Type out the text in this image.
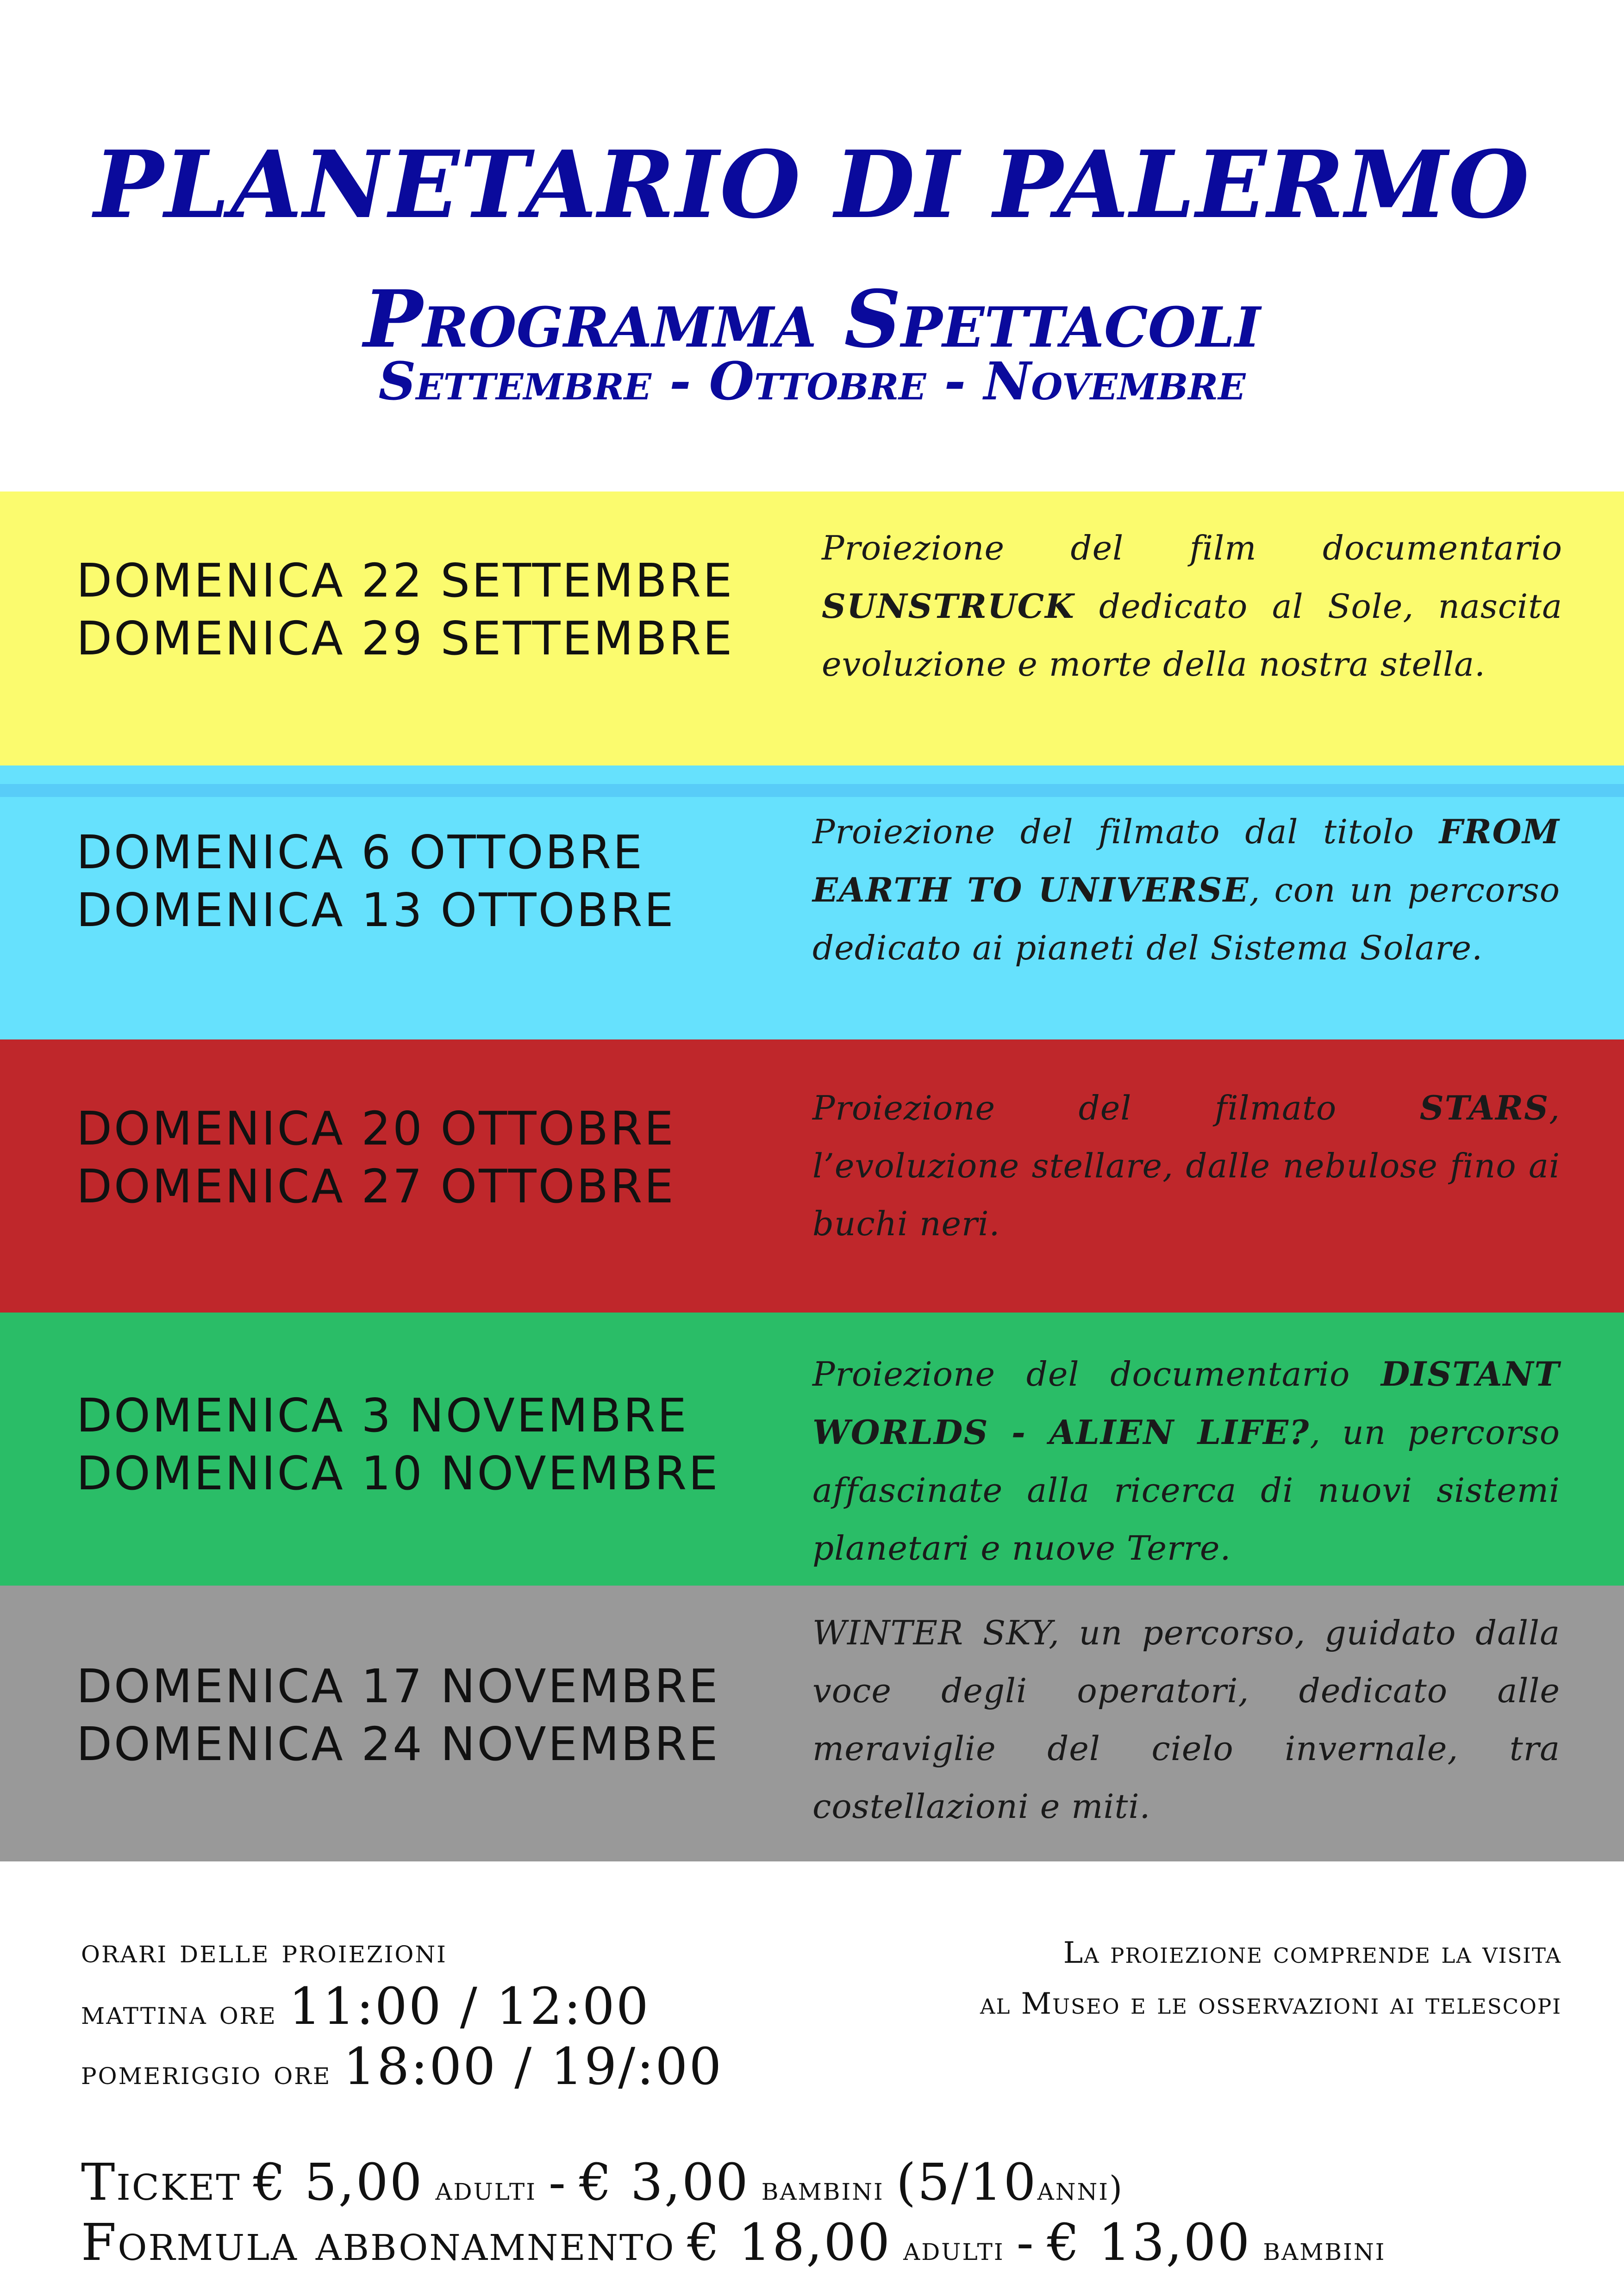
PLANETARIO DI PALERMO
Programma Spettacoli
Settembre - Ottobre - Novembre
DOMENICA 22 SETTEMBRE
DOMENICA 29 SETTEMBRE
Proiezione del film documentario SUNSTRUCK dedicato al Sole, nascita evoluzione e morte della nostra stella.
DOMENICA 6 OTTOBRE
DOMENICA 13 OTTOBRE
Proiezione del filmato dal titolo FROM EARTH TO UNIVERSE, con un percorso dedicato ai pianeti del Sistema Solare.
DOMENICA 20 OTTOBRE
DOMENICA 27 OTTOBRE
Proiezione del filmato STARS, l’evoluzione stellare, dalle nebulose fino ai buchi neri.
DOMENICA 3 NOVEMBRE
DOMENICA 10 NOVEMBRE
Proiezione del documentario DISTANT WORLDS - ALIEN LIFE?, un percorso affascinate alla ricerca di nuovi sistemi planetari e nuove Terre.
DOMENICA 17 NOVEMBRE
DOMENICA 24 NOVEMBRE
WINTER SKY, un percorso, guidato dalla voce degli operatori, dedicato alle meraviglie del cielo invernale, tra costellazioni e miti.
orari delle proiezioni
mattina ore 11:00 / 12:00
pomeriggio ore 18:00 / 19/:00
La proiezione comprende la visita
al Museo e le osservazioni ai telescopi
Ticket € 5,00 adulti - € 3,00 bambini (5/10anni)
Formula abbonamnento € 18,00 adulti - € 13,00 bambini
